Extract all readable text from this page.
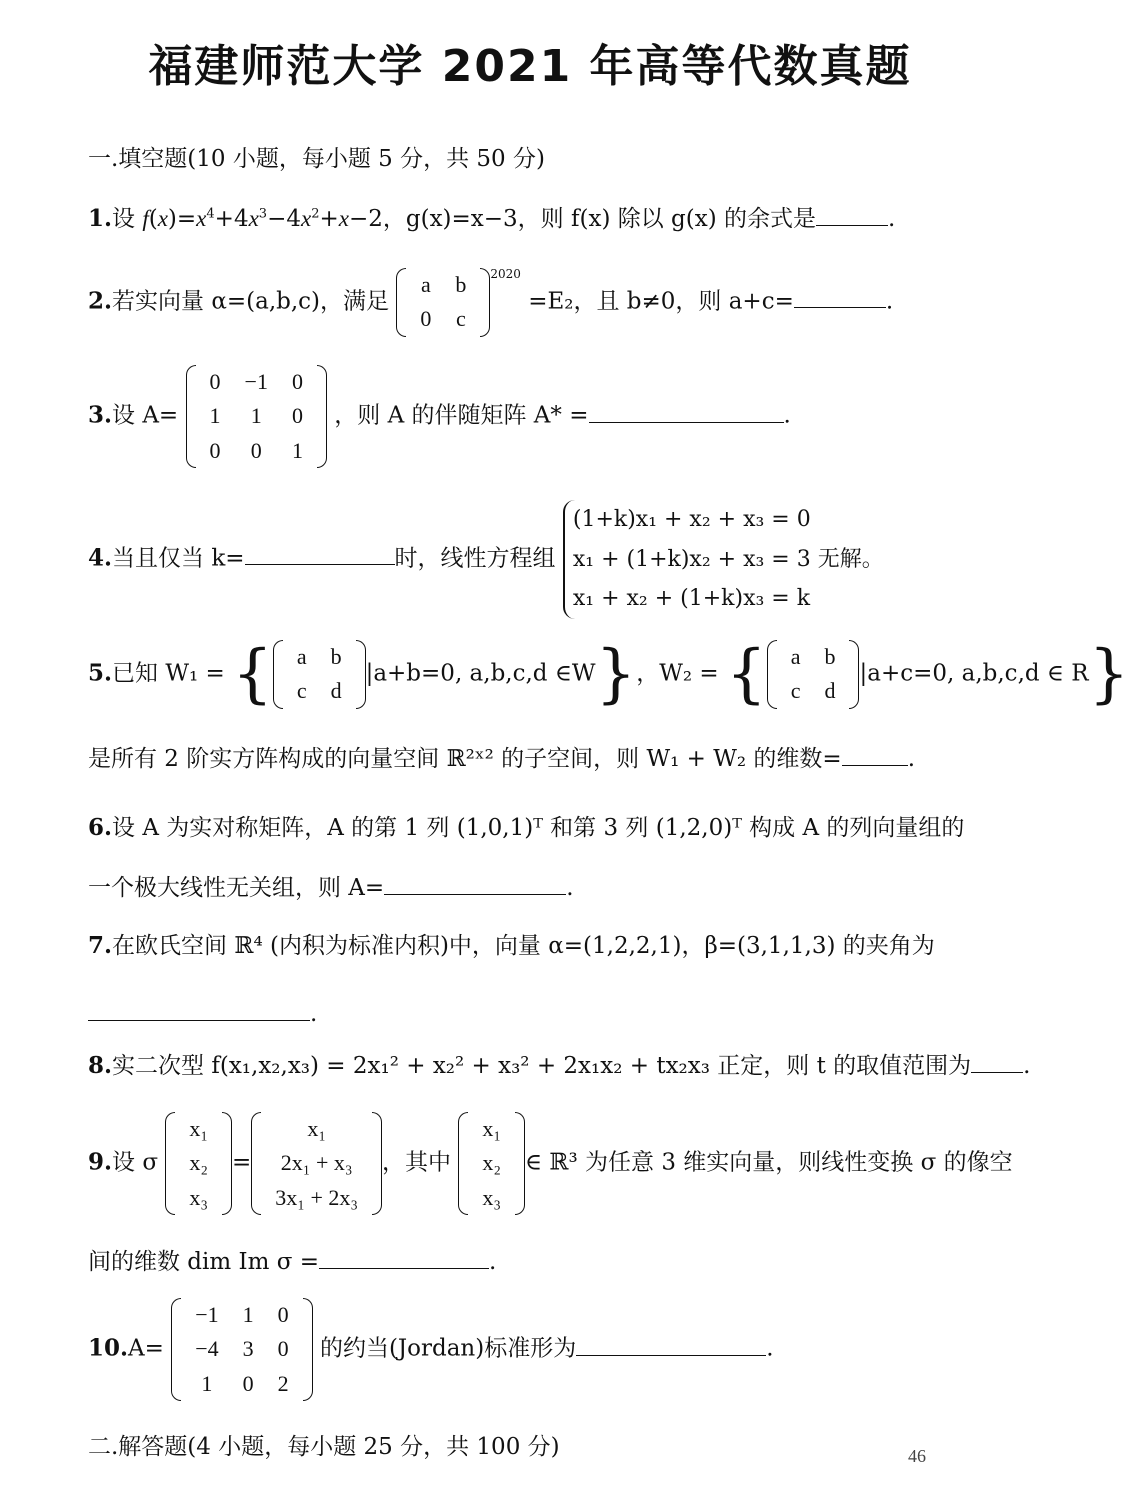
福建师范大学 2021 年高等代数真题
一.填空题(10 小题，每小题 5 分，共 50 分)
1.设 $f(x)=x^4+4x^3-4x^2+x-2$，g(x)=x−3，则 f(x) 除以 g(x) 的余式是	.
2.若实向量 α=(a,b,c)，满足
a	b
0	c
$^{2020}$ =E₂，且 b≠0，则 a+c=	.
3.设 A=
0	−1	0
1	1	0
0	0	1
，则 A 的伴随矩阵 A* =	.
4.当且仅当 k=	时，线性方程组
(1+k)x₁ + x₂ + x₃ = 0
x₁ + (1+k)x₂ + x₃ = 3 无解。
x₁ + x₂ + (1+k)x₃ = k
5.已知 W₁ = { a	b
c	d
|a+b=0, a,b,c,d ∈W}，W₂ = { a	b
c	d
|a+c=0, a,b,c,d ∈ R}
是所有 2 阶实方阵构成的向量空间 ℝ²ˣ² 的子空间，则 W₁ + W₂ 的维数=	.
6.设 A 为实对称矩阵，A 的第 1 列 (1,0,1)ᵀ 和第 3 列 (1,2,0)ᵀ 构成 A 的列向量组的
一个极大线性无关组，则 A=	.
7.在欧氏空间 ℝ⁴ (内积为标准内积)中，向量 α=(1,2,2,1)，β=(3,1,1,3) 的夹角为
.
8.实二次型 f(x₁,x₂,x₃) = 2x₁² + x₂² + x₃² + 2x₁x₂ + tx₂x₃ 正定，则 t 的取值范围为 .
9.设 σ
x₁
x₂
x₃
=
x₁
2x₁ + x₃
3x₁ + 2x₃
，其中
x₁
x₂
x₃
∈ ℝ³ 为任意 3 维实向量，则线性变换 σ 的像空
间的维数 dim Im σ =	.
10.A=
−1	1	0
−4	3	0
1	0	2
的约当(Jordan)标准形为	.
二.解答题(4 小题，每小题 25 分，共 100 分)	46
